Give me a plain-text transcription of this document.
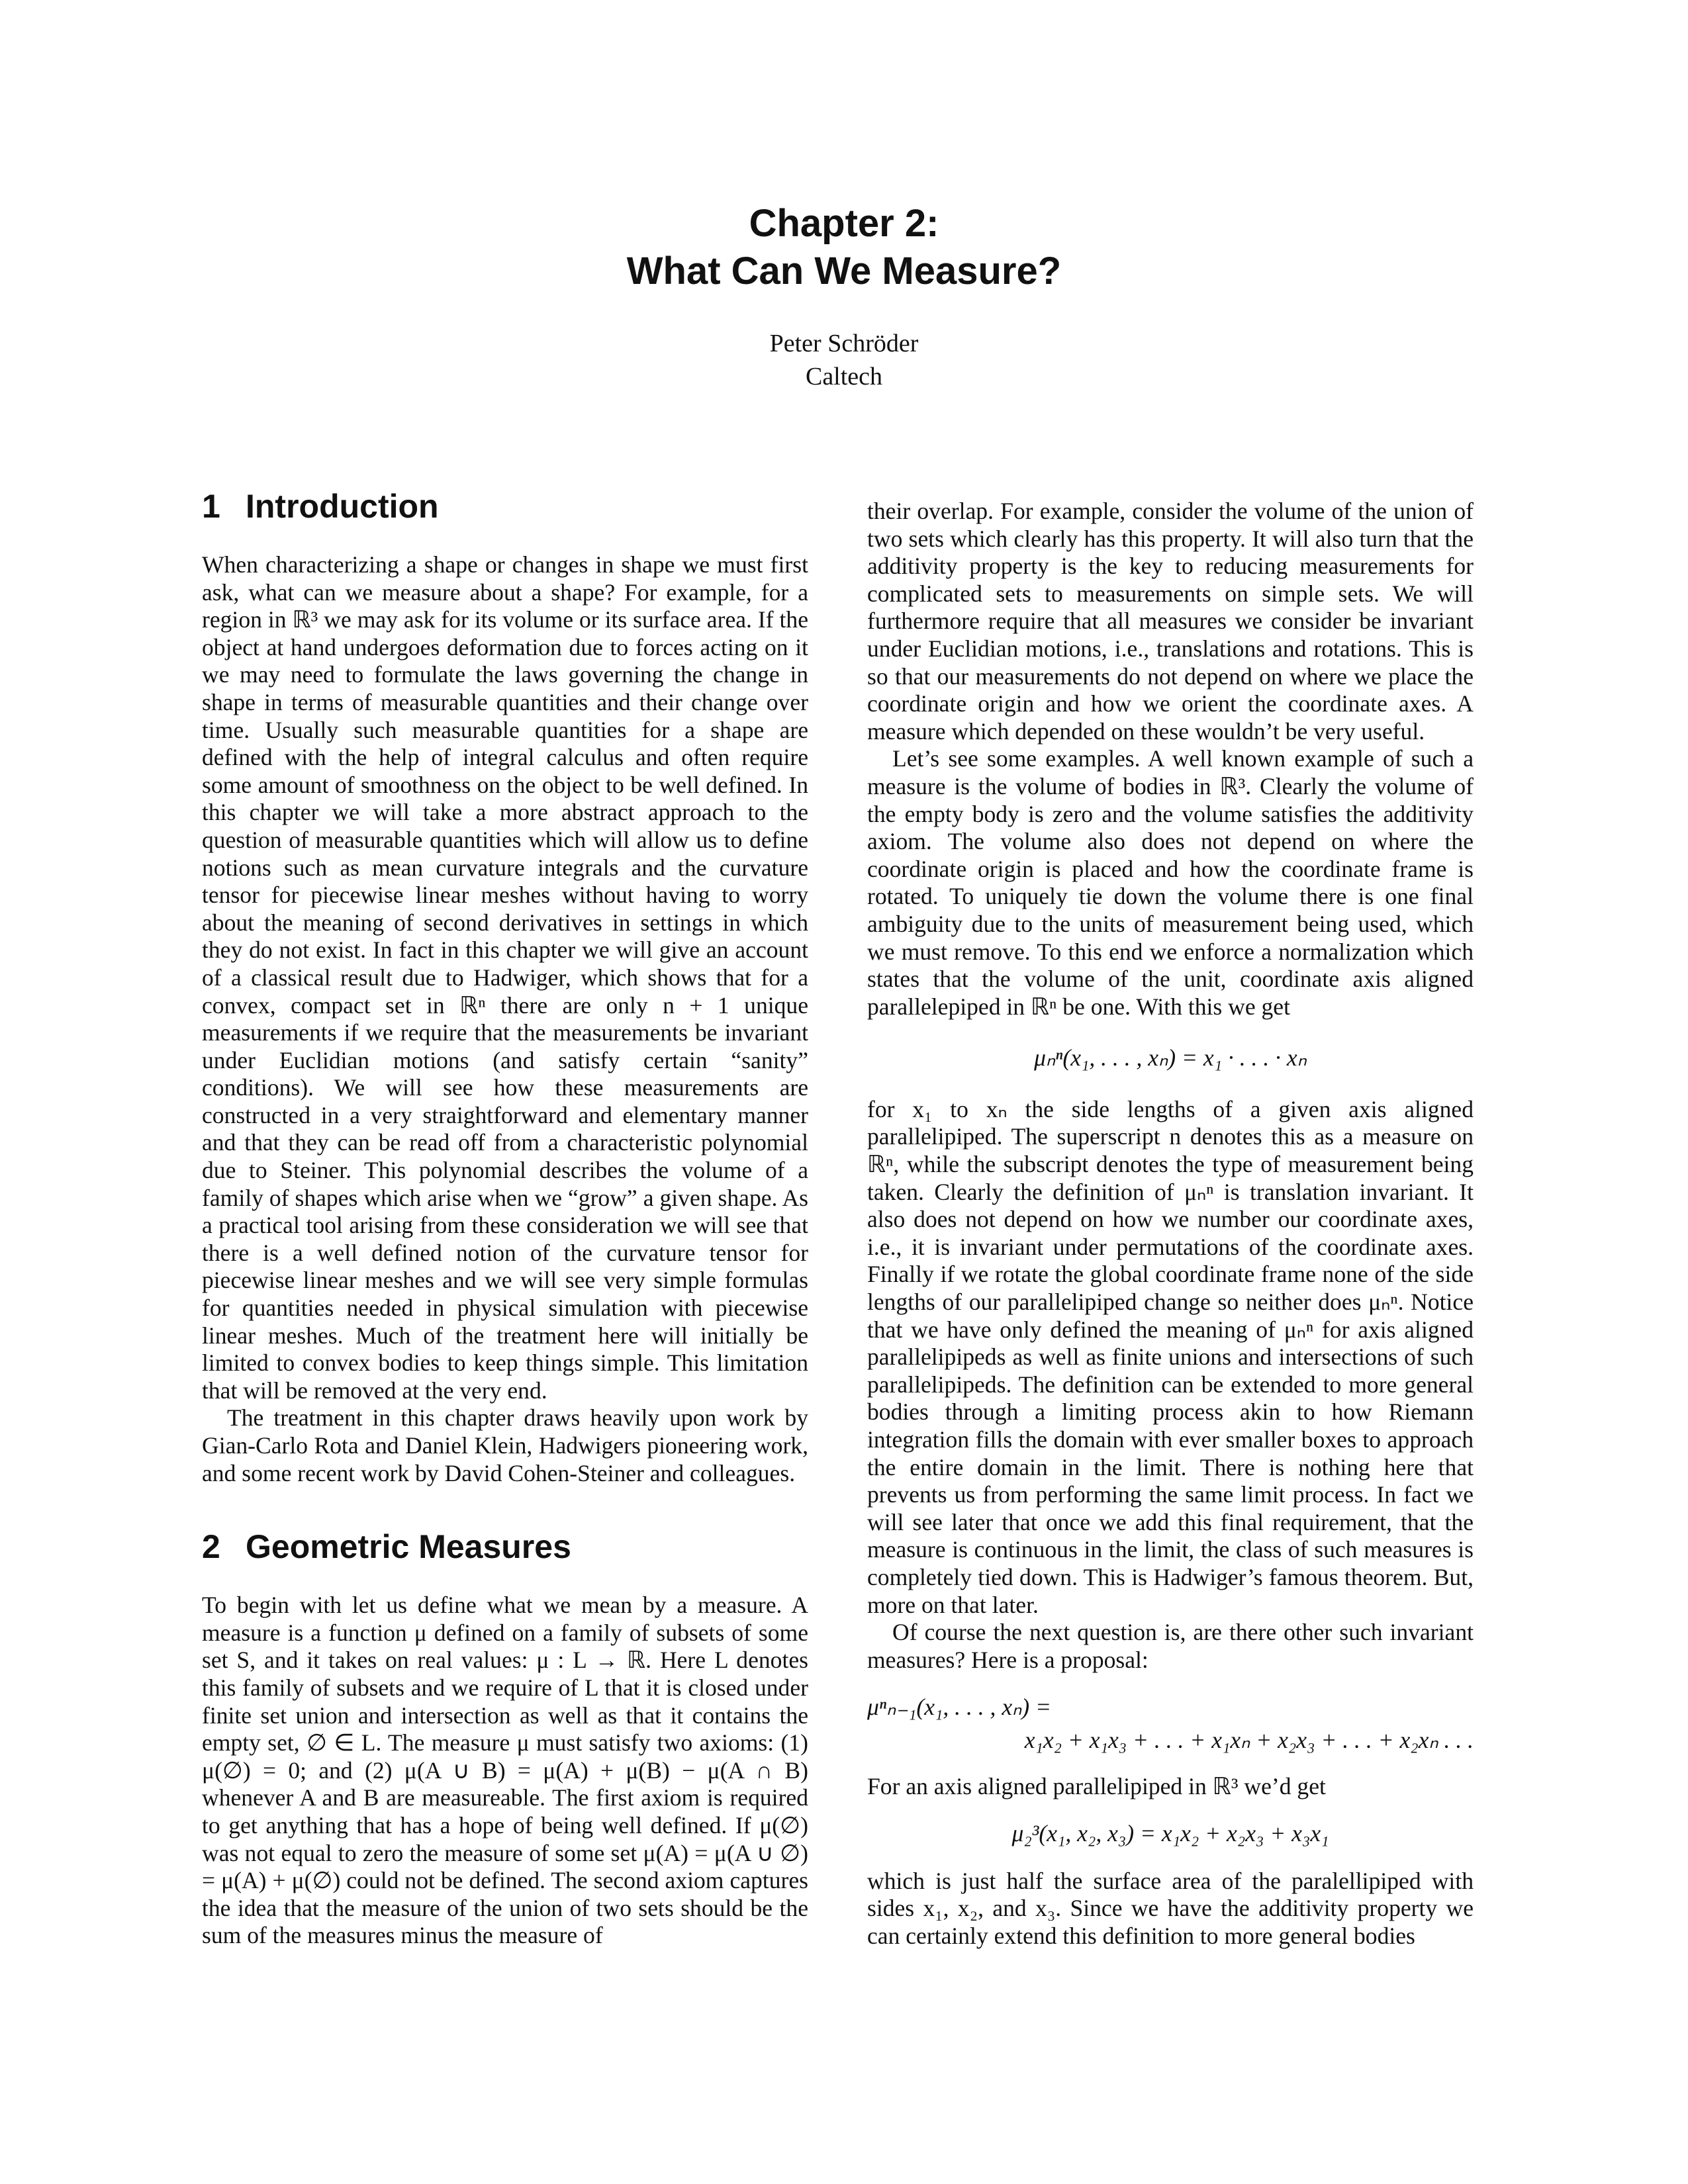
Chapter 2:
What Can We Measure?
Peter Schröder
Caltech
1 Introduction

When characterizing a shape or changes in shape we must first ask, what can we measure about a shape? For example, for a region in ℝ³ we may ask for its volume or its surface area. If the object at hand undergoes deformation due to forces acting on it we may need to formulate the laws governing the change in shape in terms of measurable quantities and their change over time. Usually such measurable quantities for a shape are defined with the help of integral calculus and often require some amount of smoothness on the object to be well defined. In this chapter we will take a more abstract approach to the question of measurable quantities which will allow us to define notions such as mean curvature integrals and the curvature tensor for piecewise linear meshes without having to worry about the meaning of second derivatives in settings in which they do not exist. In fact in this chapter we will give an account of a classical result due to Hadwiger, which shows that for a convex, compact set in ℝⁿ there are only n + 1 unique measurements if we require that the measurements be invariant under Euclidian motions (and satisfy certain “sanity” conditions). We will see how these measurements are constructed in a very straightforward and elementary manner and that they can be read off from a characteristic polynomial due to Steiner. This polynomial describes the volume of a family of shapes which arise when we “grow” a given shape. As a practical tool arising from these consideration we will see that there is a well defined notion of the curvature tensor for piecewise linear meshes and we will see very simple formulas for quantities needed in physical simulation with piecewise linear meshes. Much of the treatment here will initially be limited to convex bodies to keep things simple. This limitation that will be removed at the very end.

The treatment in this chapter draws heavily upon work by Gian-Carlo Rota and Daniel Klein, Hadwigers pioneering work, and some recent work by David Cohen-Steiner and colleagues.

2 Geometric Measures

To begin with let us define what we mean by a measure. A measure is a function μ defined on a family of subsets of some set S, and it takes on real values: μ : L → ℝ. Here L denotes this family of subsets and we require of L that it is closed under finite set union and intersection as well as that it contains the empty set, ∅ ∈ L. The measure μ must satisfy two axioms: (1) μ(∅) = 0; and (2) μ(A ∪ B) = μ(A) + μ(B) − μ(A ∩ B) whenever A and B are measureable. The first axiom is required to get anything that has a hope of being well defined. If μ(∅) was not equal to zero the measure of some set μ(A) = μ(A ∪ ∅) = μ(A) + μ(∅) could not be defined. The second axiom captures the idea that the measure of the union of two sets should be the sum of the measures minus the measure of

their overlap. For example, consider the volume of the union of two sets which clearly has this property. It will also turn that the additivity property is the key to reducing measurements for complicated sets to measurements on simple sets. We will furthermore require that all measures we consider be invariant under Euclidian motions, i.e., translations and rotations. This is so that our measurements do not depend on where we place the coordinate origin and how we orient the coordinate axes. A measure which depended on these wouldn’t be very useful.

Let’s see some examples. A well known example of such a measure is the volume of bodies in ℝ³. Clearly the volume of the empty body is zero and the volume satisfies the additivity axiom. The volume also does not depend on where the coordinate origin is placed and how the coordinate frame is rotated. To uniquely tie down the volume there is one final ambiguity due to the units of measurement being used, which we must remove. To this end we enforce a normalization which states that the volume of the unit, coordinate axis aligned parallelepiped in ℝⁿ be one. With this we get

μₙⁿ(x₁, . . . , xₙ) = x₁ · . . . · xₙ

for x₁ to xₙ the side lengths of a given axis aligned parallelipiped. The superscript n denotes this as a measure on ℝⁿ, while the subscript denotes the type of measurement being taken. Clearly the definition of μₙⁿ is translation invariant. It also does not depend on how we number our coordinate axes, i.e., it is invariant under permutations of the coordinate axes. Finally if we rotate the global coordinate frame none of the side lengths of our parallelipiped change so neither does μₙⁿ. Notice that we have only defined the meaning of μₙⁿ for axis aligned parallelipipeds as well as finite unions and intersections of such parallelipipeds. The definition can be extended to more general bodies through a limiting process akin to how Riemann integration fills the domain with ever smaller boxes to approach the entire domain in the limit. There is nothing here that prevents us from performing the same limit process. In fact we will see later that once we add this final requirement, that the measure is continuous in the limit, the class of such measures is completely tied down. This is Hadwiger’s famous theorem. But, more on that later.

Of course the next question is, are there other such invariant measures? Here is a proposal:

μⁿₙ₋₁(x₁, . . . , xₙ) =

x₁x₂ + x₁x₃ + . . . + x₁xₙ + x₂x₃ + . . . + x₂xₙ . . .

For an axis aligned parallelipiped in ℝ³ we’d get

μ₂³(x₁, x₂, x₃) = x₁x₂ + x₂x₃ + x₃x₁

which is just half the surface area of the paralellipiped with sides x₁, x₂, and x₃. Since we have the additivity property we can certainly extend this definition to more general bodies
